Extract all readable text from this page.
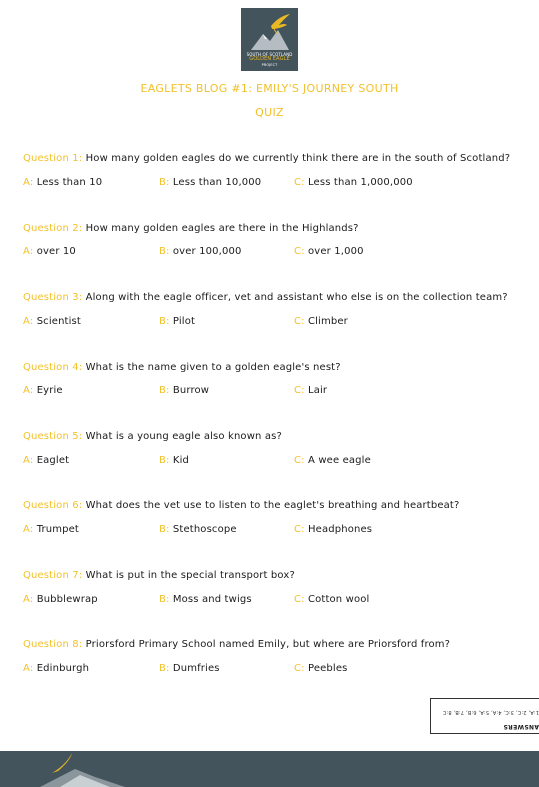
SOUTH OF SCOTLAND
GOLDEN EAGLE
PROJECT
EAGLETS BLOG #1: EMILY'S JOURNEY SOUTH
QUIZ
Question 1: How many golden eagles do we currently think there are in the south of Scotland?
A: Less than 10	B: Less than 10,000	C: Less than 1,000,000
Question 2: How many golden eagles are there in the Highlands?
A: over 10	B: over 100,000	C: over 1,000
Question 3: Along with the eagle officer, vet and assistant who else is on the collection team?
A: Scientist	B: Pilot	C: Climber
Question 4: What is the name given to a golden eagle's nest?
A: Eyrie	B: Burrow	C: Lair
Question 5: What is a young eagle also known as?
A: Eaglet	B: Kid	C: A wee eagle
Question 6: What does the vet use to listen to the eaglet's breathing and heartbeat?
A: Trumpet	B: Stethoscope	C: Headphones
Question 7: What is put in the special transport box?
A: Bubblewrap	B: Moss and twigs	C: Cotton wool
Question 8: Priorsford Primary School named Emily, but where are Priorsford from?
A: Edinburgh	B: Dumfries	C: Peebles
ANSWERS
1:A, 2:C, 3:C, 4:A, 5:A, 6:B, 7:B, 8:C
